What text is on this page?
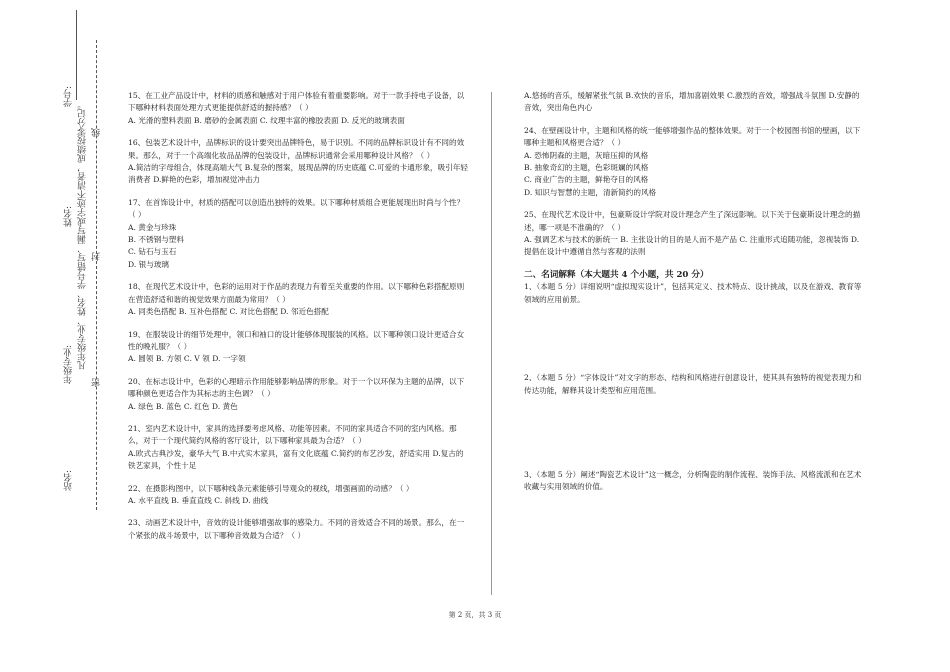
学号:
姓名:
年级专业:
站名:
凡年级专业、姓名、学号错写、漏写或字迹不清者，成绩按零分记。
密
封
线

15、在工业产品设计中，材料的质感和触感对于用户体验有着重要影响。对于一款手持电子设备，以下哪种材料表面处理方式更能提供舒适的握持感？（ ）

A. 光滑的塑料表面 B. 磨砂的金属表面 C. 纹理丰富的橡胶表面 D. 反光的玻璃表面

16、包装艺术设计中，品牌标识的设计要突出品牌特色，易于识别。不同的品牌标识设计有不同的效果。那么，对于一个高端化妆品品牌的包装设计，品牌标识通常会采用哪种设计风格？（ ）

A.简洁的字母组合，体现高端大气 B.复杂的图案，展现品牌的历史底蕴 C.可爱的卡通形象，吸引年轻消费者 D.鲜艳的色彩，增加视觉冲击力

17、在首饰设计中，材质的搭配可以创造出独特的效果。以下哪种材质组合更能展现出时尚与个性？（ ）

A. 黄金与珍珠

B. 不锈钢与塑料

C. 钻石与玉石

D. 银与玻璃

18、在现代艺术设计中，色彩的运用对于作品的表现力有着至关重要的作用。以下哪种色彩搭配原则在营造舒适和谐的视觉效果方面最为常用？（ ）

A. 同类色搭配 B. 互补色搭配 C. 对比色搭配 D. 邻近色搭配

19、在服装设计的细节处理中，领口和袖口的设计能够体现服装的风格。以下哪种领口设计更适合女性的晚礼服？（ ）

A. 圆领 B. 方领 C. V 领 D. 一字领

20、在标志设计中，色彩的心理暗示作用能够影响品牌的形象。对于一个以环保为主题的品牌，以下哪种颜色更适合作为其标志的主色调？（ ）

A. 绿色 B. 蓝色 C. 红色 D. 黄色

21、室内艺术设计中，家具的选择要考虑风格、功能等因素。不同的家具适合不同的室内风格。那么，对于一个现代简约风格的客厅设计，以下哪种家具最为合适？（ ）

A.欧式古典沙发，豪华大气 B.中式实木家具，富有文化底蕴 C.简约的布艺沙发，舒适实用 D.复古的铁艺家具，个性十足

22、在摄影构图中，以下哪种线条元素能够引导观众的视线，增强画面的动感？（ ）

A. 水平直线 B. 垂直直线 C. 斜线 D. 曲线

23、动画艺术设计中，音效的设计能够增强故事的感染力。不同的音效适合不同的场景。那么，在一个紧张的战斗场景中，以下哪种音效最为合适？（ ）

A.悠扬的音乐，缓解紧张气氛 B.欢快的音乐，增加喜剧效果 C.激烈的音效，增强战斗氛围 D.安静的音效，突出角色内心

24、在壁画设计中，主题和风格的统一能够增强作品的整体效果。对于一个校园图书馆的壁画，以下哪种主题和风格更合适？（ ）

A. 恐怖阴森的主题，灰暗压抑的风格

B. 抽象奇幻的主题，色彩斑斓的风格

C. 商业广告的主题，鲜艳夺目的风格

D. 知识与智慧的主题，清新简约的风格

25、在现代艺术设计中，包豪斯设计学院对设计理念产生了深远影响。以下关于包豪斯设计理念的描述，哪一项是不准确的？（ ）

A. 强调艺术与技术的新统一 B. 主张设计的目的是人而不是产品 C. 注重形式追随功能，忽视装饰 D. 提倡在设计中遵循自然与客观的法则

二、名词解释（本大题共 4 个小题，共 20 分）

1、（本题 5 分）详细说明“虚拟现实设计”，包括其定义、技术特点、设计挑战，以及在游戏、教育等领域的应用前景。

2、（本题 5 分）“字体设计”对文字的形态、结构和风格进行创意设计，使其具有独特的视觉表现力和传达功能，解释其设计类型和应用范围。

3、（本题 5 分）阐述“陶瓷艺术设计”这一概念，分析陶瓷的制作流程、装饰手法、风格流派和在艺术收藏与实用领域的价值。

第 2 页，共 3 页
